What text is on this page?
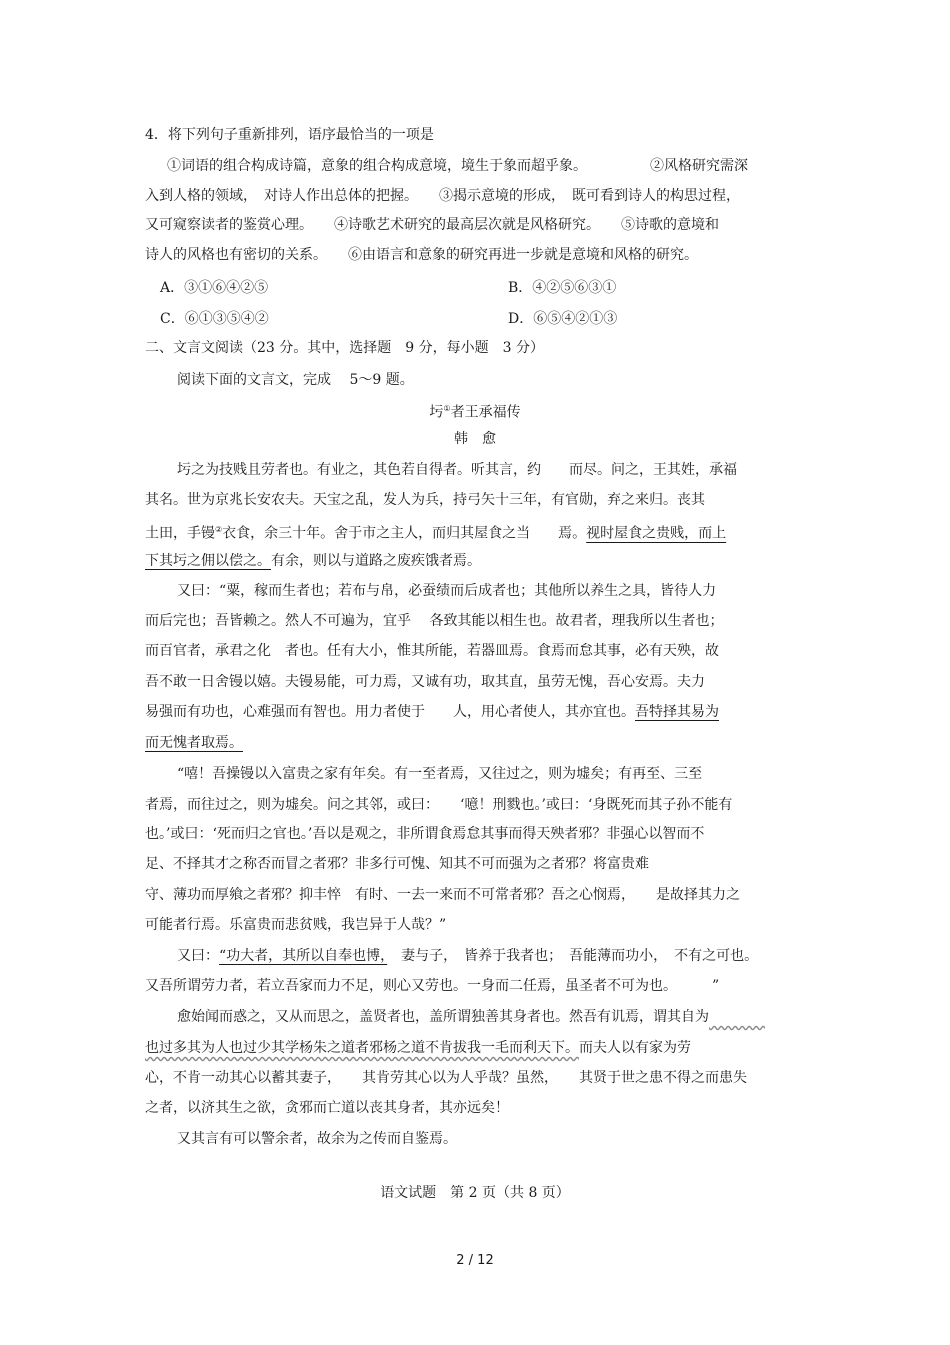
4．将下列句子重新排列，语序最恰当的一项是
①词语的组合构成诗篇，意象的组合构成意境，境生于象而超乎象。　　　　　②风格研究需深
入到人格的领域，　对诗人作出总体的把握。　　③揭示意境的形成，　既可看到诗人的构思过程，
又可窥察读者的鉴赏心理。　　④诗歌艺术研究的最高层次就是风格研究。　　⑤诗歌的意境和
诗人的风格也有密切的关系。　　⑥由语言和意象的研究再进一步就是意境和风格的研究。
A．③①⑥④②⑤	B．④②⑤⑥③①
C．⑥①③⑤④②	D．⑥⑤④②①③
二、文言文阅读（23 分。其中，选择题　9 分，每小题　3 分）
阅读下面的文言文，完成　 5～9 题。
圬①者王承福传
韩　愈
圬之为技贱且劳者也。有业之，其色若自得者。听其言，约　　而尽。问之，王其姓，承福
其名。世为京兆长安农夫。天宝之乱，发人为兵，持弓矢十三年，有官勋，弃之来归。丧其
土田，手镘②衣食，余三十年。舍于市之主人，而归其屋食之当　　焉。视时屋食之贵贱，而上
下其圬之佣以偿之。有余，则以与道路之废疾饿者焉。
又曰：“粟，稼而生者也；若布与帛，必蚕绩而后成者也；其他所以养生之具，皆待人力
而后完也；吾皆赖之。然人不可遍为，宜乎　 各致其能以相生也。故君者，理我所以生者也；
而百官者，承君之化　者也。任有大小，惟其所能，若器皿焉。食焉而怠其事，必有天殃，故
吾不敢一日舍镘以嬉。夫镘易能，可力焉，又诚有功，取其直，虽劳无愧，吾心安焉。夫力
易强而有功也，心难强而有智也。用力者使于　　人，用心者使人，其亦宜也。吾特择其易为
而无愧者取焉。
“嘻！吾操镘以入富贵之家有年矣。有一至者焉，又往过之，则为墟矣；有再至、三至
者焉，而往过之，则为墟矣。问之其邻，或曰：　　‘噫！刑戮也。’或曰：‘身既死而其子孙不能有
也。’或曰：‘死而归之官也。’吾以是观之，非所谓食焉怠其事而得天殃者邪？非强心以智而不
足、不择其才之称否而冒之者邪？非多行可愧、知其不可而强为之者邪？将富贵难
守、薄功而厚飨之者邪？抑丰悴　有时、一去一来而不可常者邪？吾之心悯焉，　　是故择其力之
可能者行焉。乐富贵而悲贫贱，我岂异于人哉？”
又曰：“功大者，其所以自奉也博，　妻与子，　皆养于我者也；　吾能薄而功小，　不有之可也。
又吾所谓劳力者，若立吾家而力不足，则心又劳也。一身而二任焉，虽圣者不可为也。　　　”
愈始闻而惑之，又从而思之，盖贤者也，盖所谓独善其身者也。然吾有讥焉，谓其自为　　　　
也过多其为人也过少其学杨朱之道者邪杨之道不肯拔我一毛而利天下。而夫人以有家为劳
心，不肯一动其心以蓄其妻子，　　其肯劳其心以为人乎哉？虽然，　　其贤于世之患不得之而患失
之者，以济其生之欲，贪邪而亡道以丧其身者，其亦远矣！
又其言有可以警余者，故余为之传而自鉴焉。
语文试题　第 2 页（共 8 页）
2 / 12
